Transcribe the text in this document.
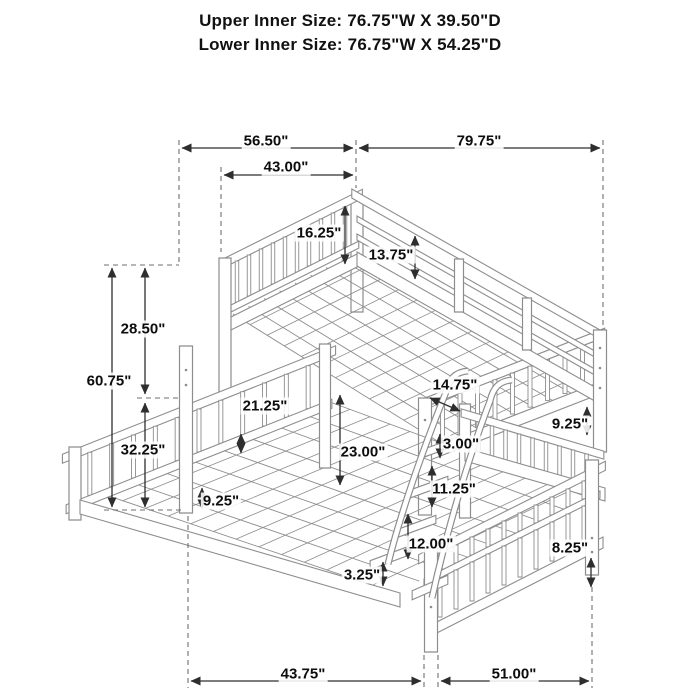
Upper Inner Size: 76.75"W X 39.50"D
Lower Inner Size: 76.75"W X 54.25"D
56.50"	79.75"
43.00"
16.25"
13.75"
28.50"
60.75"	14.75"
21.25"
9.25"
3.00"
32.25"	23.00"
11.25"
9.25"
12.00"	8.25"
3.25"
43.75"	51.00"
